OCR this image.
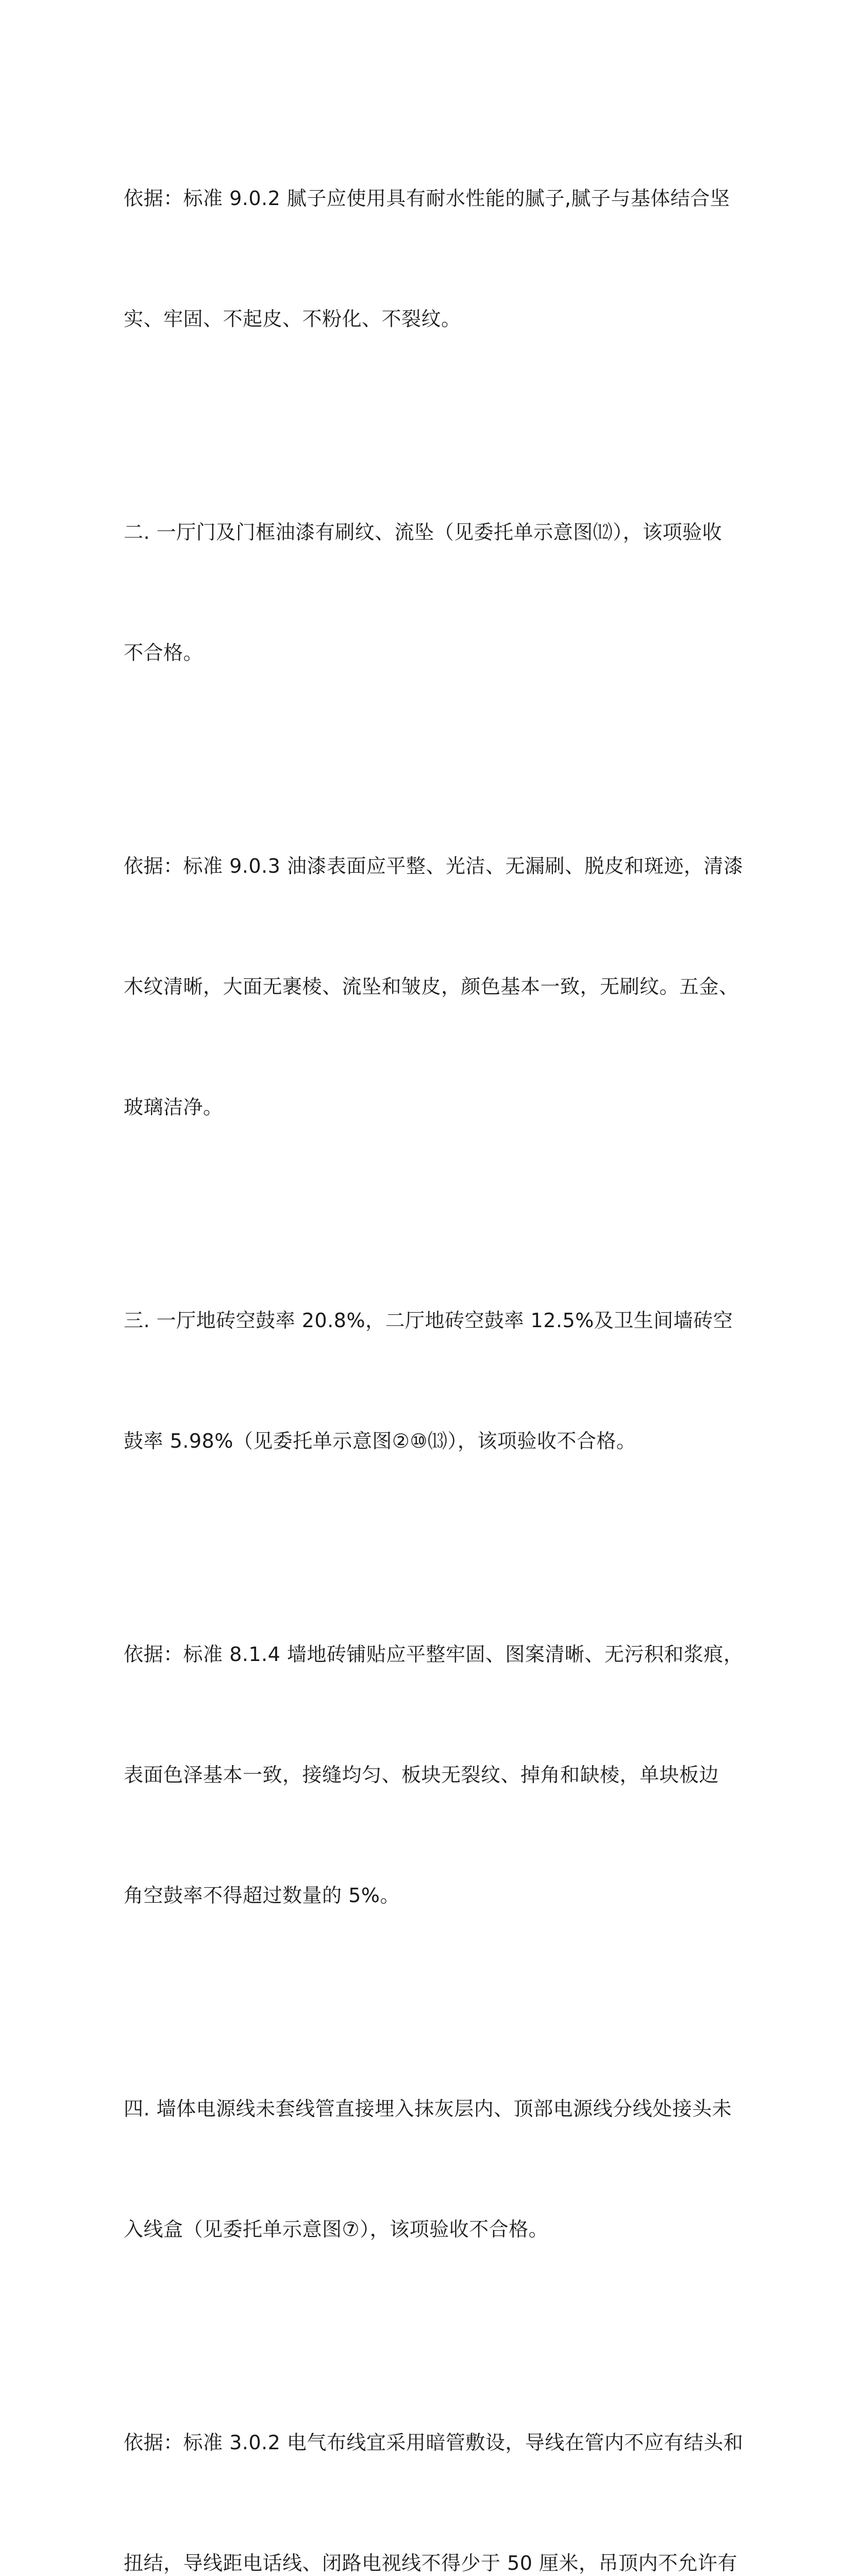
依据：标准 9.0.2 腻子应使用具有耐水性能的腻子,腻子与基体结合坚

实、牢固、不起皮、不粉化、不裂纹。

二. 一厅门及门框油漆有刷纹、流坠（见委托单示意图⑿），该项验收

不合格。

依据：标准 9.0.3 油漆表面应平整、光洁、无漏刷、脱皮和斑迹，清漆

木纹清晰，大面无裹棱、流坠和皱皮，颜色基本一致，无刷纹。五金、

玻璃洁净。

三. 一厅地砖空鼓率 20.8%，二厅地砖空鼓率 12.5%及卫生间墙砖空

鼓率 5.98%（见委托单示意图②⑩⒀），该项验收不合格。

依据：标准 8.1.4 墙地砖铺贴应平整牢固、图案清晰、无污积和浆痕，

表面色泽基本一致，接缝均匀、板块无裂纹、掉角和缺棱，单块板边

角空鼓率不得超过数量的 5%。

四. 墙体电源线未套线管直接埋入抹灰层内、顶部电源线分线处接头未

入线盒（见委托单示意图⑦），该项验收不合格。

依据：标准 3.0.2 电气布线宜采用暗管敷设，导线在管内不应有结头和

扭结，导线距电话线、闭路电视线不得少于 50 厘米，吊顶内不允许有
